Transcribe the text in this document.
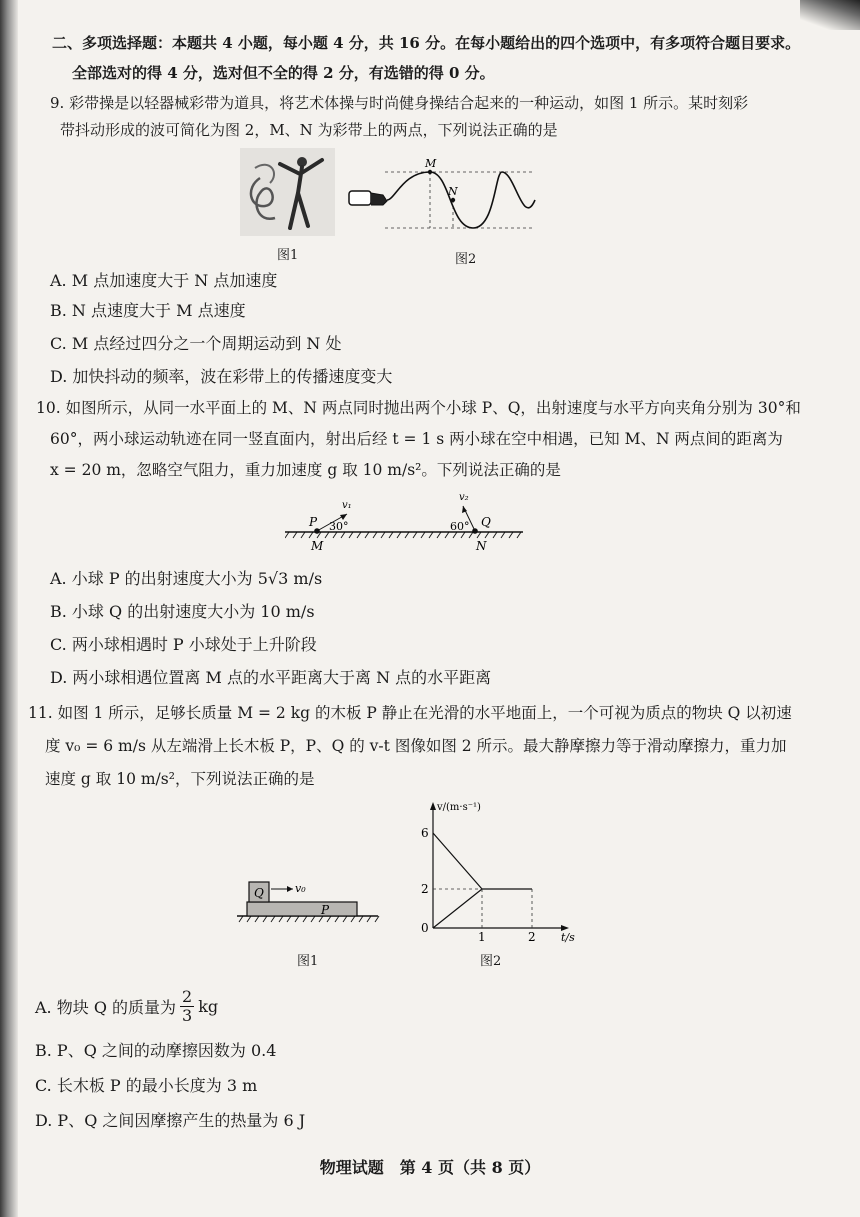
二、多项选择题：本题共 4 小题，每小题 4 分，共 16 分。在每小题给出的四个选项中，有多项符合题目要求。
全部选对的得 4 分，选对但不全的得 2 分，有选错的得 0 分。
9. 彩带操是以轻器械彩带为道具，将艺术体操与时尚健身操结合起来的一种运动，如图 1 所示。某时刻彩
带抖动形成的波可简化为图 2，M、N 为彩带上的两点，下列说法正确的是
图1
M
N
图2
A. M 点加速度大于 N 点加速度
B. N 点速度大于 M 点速度
C. M 点经过四分之一个周期运动到 N 处
D. 加快抖动的频率，波在彩带上的传播速度变大
10. 如图所示，从同一水平面上的 M、N 两点同时抛出两个小球 P、Q，出射速度与水平方向夹角分别为 30°和
60°，两小球运动轨迹在同一竖直面内，射出后经 t = 1 s 两小球在空中相遇，已知 M、N 两点间的距离为
x = 20 m，忽略空气阻力，重力加速度 g 取 10 m/s²。下列说法正确的是
P
M
v₁
30°	Q
N
v₂
60°
A. 小球 P 的出射速度大小为 5√3 m/s
B. 小球 Q 的出射速度大小为 10 m/s
C. 两小球相遇时 P 小球处于上升阶段
D. 两小球相遇位置离 M 点的水平距离大于离 N 点的水平距离
11. 如图 1 所示，足够长质量 M = 2 kg 的木板 P 静止在光滑的水平地面上，一个可视为质点的物块 Q 以初速
度 v₀ = 6 m/s 从左端滑上长木板 P，P、Q 的 v-t 图像如图 2 所示。最大静摩擦力等于滑动摩擦力，重力加
速度 g 取 10 m/s²，下列说法正确的是
Q
P
v₀
图1
v/(m·s⁻¹)
t/s
6
2
0
1	2
图2
A. 物块 Q 的质量为 $\frac{2}{3}$ kg
B. P、Q 之间的动摩擦因数为 0.4
C. 长木板 P 的最小长度为 3 m
D. P、Q 之间因摩擦产生的热量为 6 J
物理试题　第 4 页（共 8 页）
